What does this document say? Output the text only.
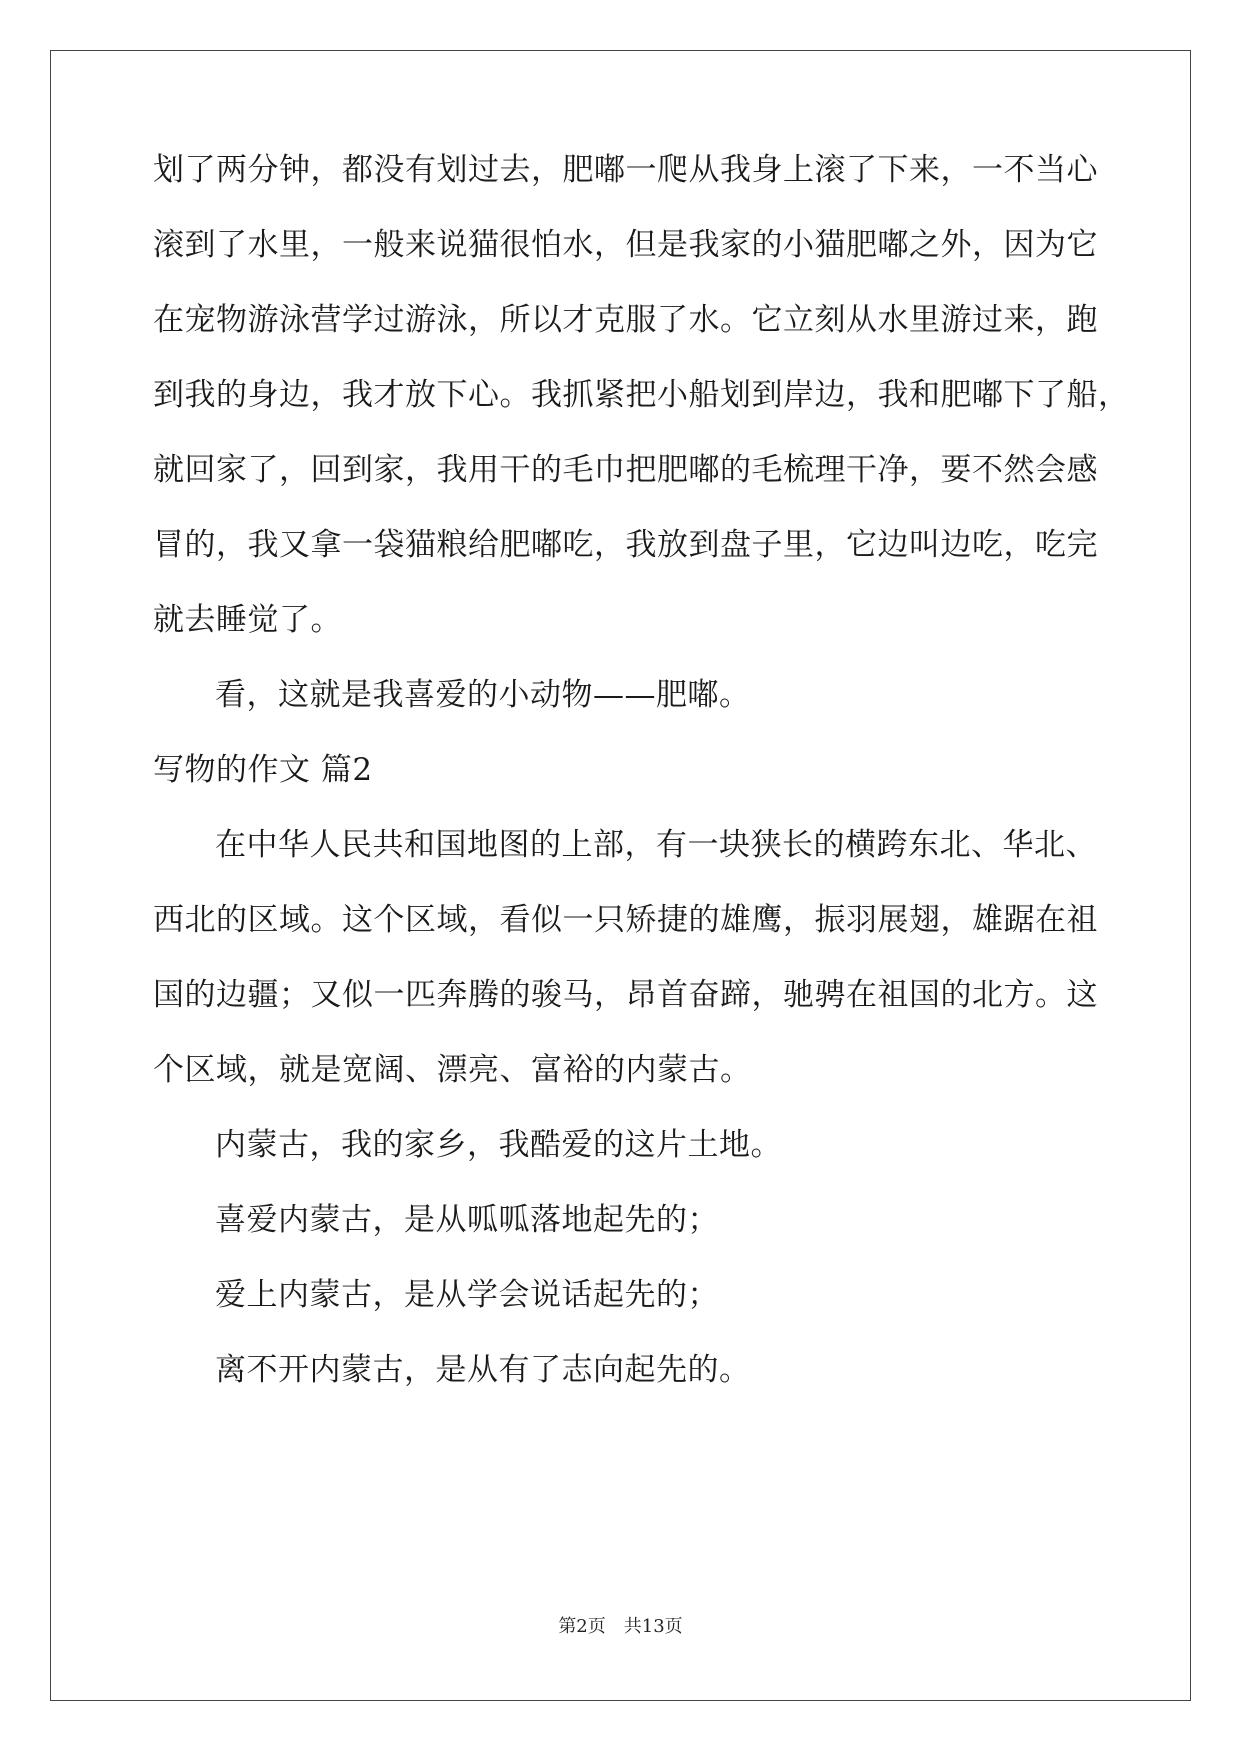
划了两分钟，都没有划过去，肥嘟一爬从我身上滚了下来，一不当心
滚到了水里，一般来说猫很怕水，但是我家的小猫肥嘟之外，因为它
在宠物游泳营学过游泳，所以才克服了水。它立刻从水里游过来，跑
到我的身边，我才放下心。我抓紧把小船划到岸边，我和肥嘟下了船，
就回家了，回到家，我用干的毛巾把肥嘟的毛梳理干净，要不然会感
冒的，我又拿一袋猫粮给肥嘟吃，我放到盘子里，它边叫边吃，吃完
就去睡觉了。
看，这就是我喜爱的小动物——肥嘟。
写物的作文 篇2
在中华人民共和国地图的上部，有一块狭长的横跨东北、华北、
西北的区域。这个区域，看似一只矫捷的雄鹰，振羽展翅，雄踞在祖
国的边疆；又似一匹奔腾的骏马，昂首奋蹄，驰骋在祖国的北方。这
个区域，就是宽阔、漂亮、富裕的内蒙古。
内蒙古，我的家乡，我酷爱的这片土地。
喜爱内蒙古，是从呱呱落地起先的；
爱上内蒙古，是从学会说话起先的；
离不开内蒙古，是从有了志向起先的。
第2页　共13页
